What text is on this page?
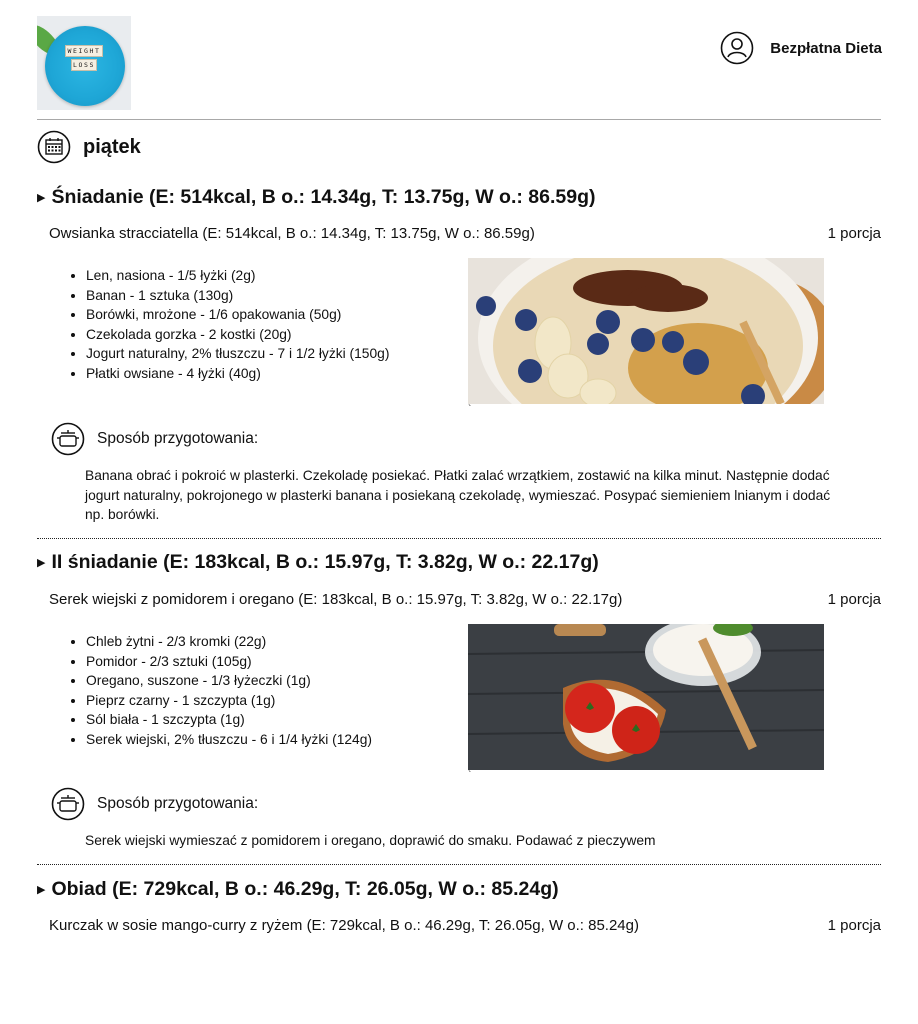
WEIGHT
LOSS
Bezpłatna Dieta
piątek
▶ Śniadanie (E: 514kcal, B o.: 14.34g, T: 13.75g, W o.: 86.59g)
Owsianka stracciatella (E: 514kcal, B o.: 14.34g, T: 13.75g, W o.: 86.59g)	1 porcja
• Len, nasiona - 1/5 łyżki (2g)
• Banan - 1 sztuka (130g)
• Borówki, mrożone - 1/6 opakowania (50g)
• Czekolada gorzka - 2 kostki (20g)
• Jogurt naturalny, 2% tłuszczu - 7 i 1/2 łyżki (150g)
• Płatki owsiane - 4 łyżki (40g)
`
Sposób przygotowania:
Banana obrać i pokroić w plasterki. Czekoladę posiekać. Płatki zalać wrzątkiem, zostawić na kilka minut. Następnie dodać jogurt naturalny, pokrojonego w plasterki banana i posiekaną czekoladę, wymieszać. Posypać siemieniem lnianym i dodać np. borówki.
▶ II śniadanie (E: 183kcal, B o.: 15.97g, T: 3.82g, W o.: 22.17g)
Serek wiejski z pomidorem i oregano (E: 183kcal, B o.: 15.97g, T: 3.82g, W o.: 22.17g)	1 porcja
• Chleb żytni - 2/3 kromki (22g)
• Pomidor - 2/3 sztuki (105g)
• Oregano, suszone - 1/3 łyżeczki (1g)
• Pieprz czarny - 1 szczypta (1g)
• Sól biała - 1 szczypta (1g)
• Serek wiejski, 2% tłuszczu - 6 i 1/4 łyżki (124g)
`
Sposób przygotowania:
Serek wiejski wymieszać z pomidorem i oregano, doprawić do smaku. Podawać z pieczywem
▶ Obiad (E: 729kcal, B o.: 46.29g, T: 26.05g, W o.: 85.24g)
Kurczak w sosie mango-curry z ryżem (E: 729kcal, B o.: 46.29g, T: 26.05g, W o.: 85.24g)	1 porcja
